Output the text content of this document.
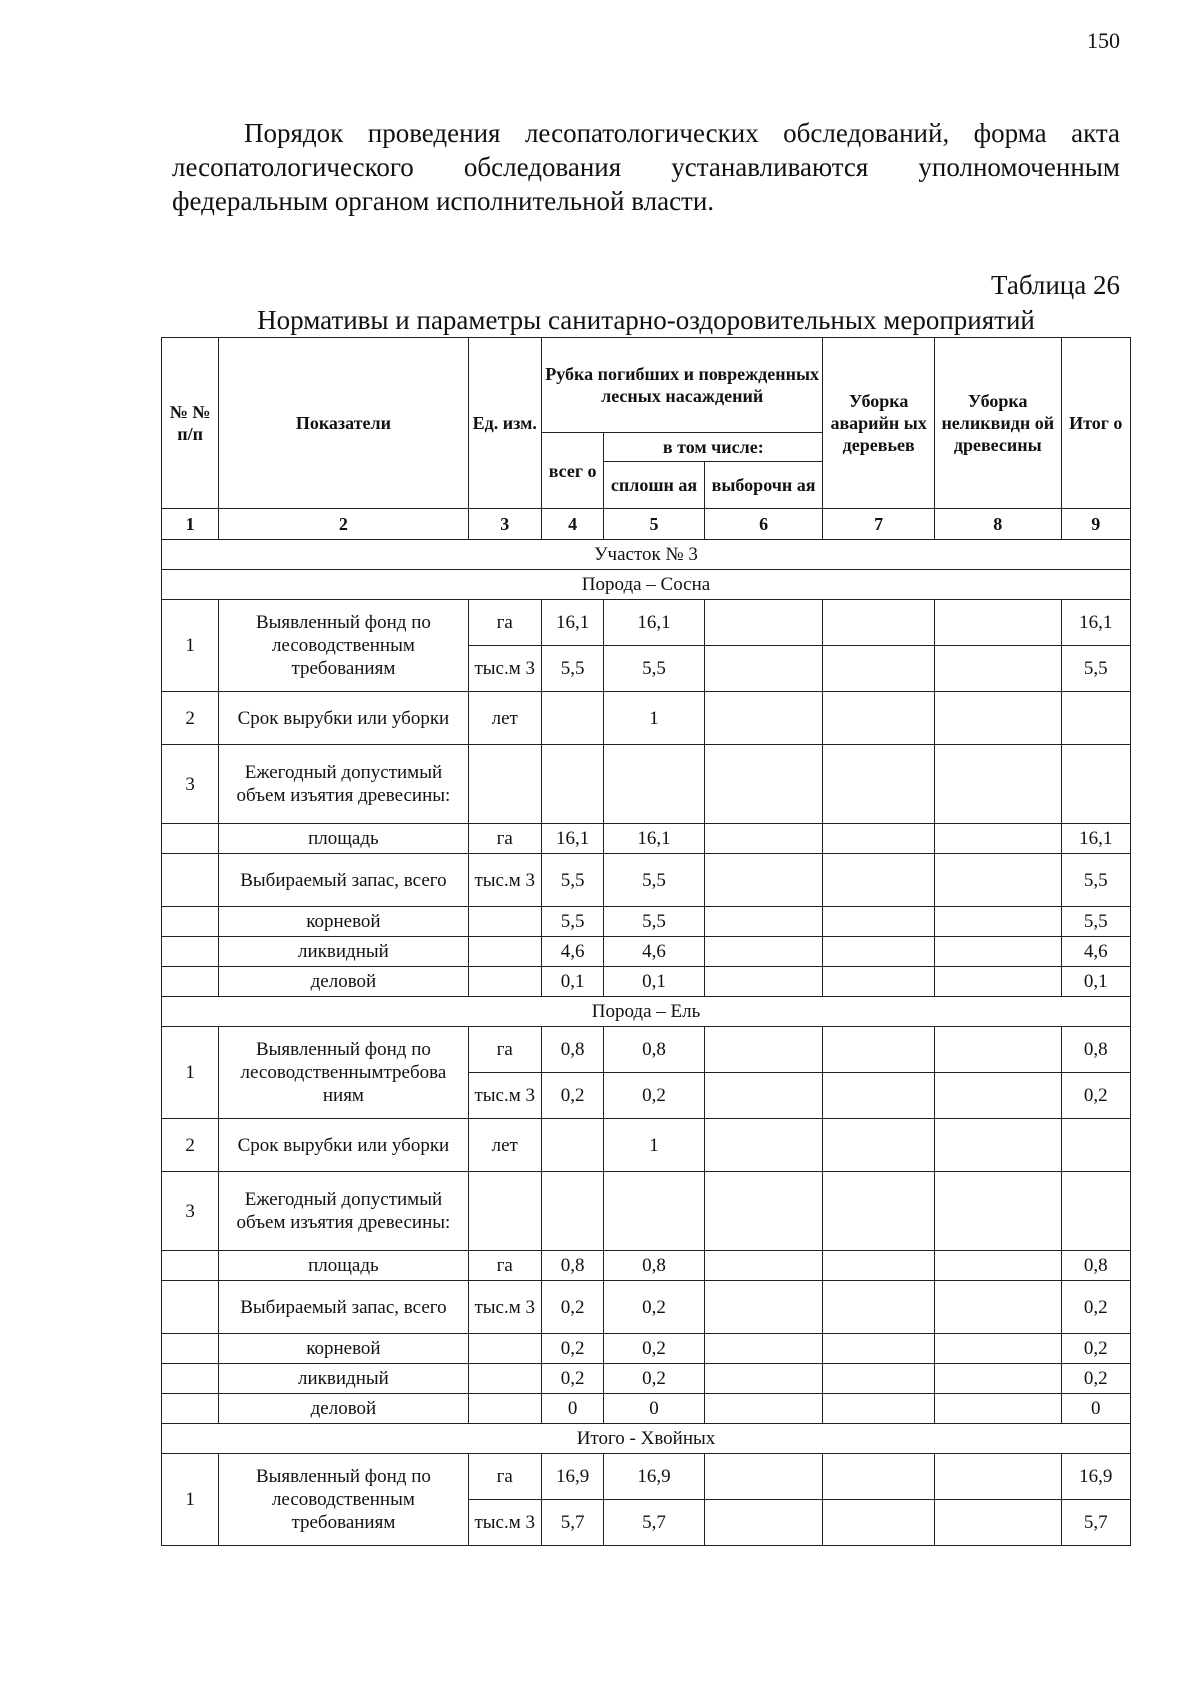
150

Порядок проведения лесопатологических обследований, форма акта лесопатологического обследования устанавливаются уполномоченным федеральным органом исполнительной власти.

Таблица 26
Нормативы и параметры санитарно-оздоровительных мероприятий
№ № п/п	Показатели	Ед. изм.	Рубка погибших и поврежденных лесных насаждений			Уборка аварийн ых деревьев	Уборка неликвидн ой древесины	Итог о
			всег о	в том числе:				
				сплошн ая	выборочн ая			

1	2	3	4	5	6	7	8	9
Участок № 3								
Порода – Сосна								
1	Выявленный фонд по лесоводственным требованиям	га	16,1	16,1				16,1
		тыс.м 3	5,5	5,5				5,5
2	Срок вырубки или уборки	лет		1				
3	Ежегодный допустимый объем изъятия древесины:							
	площадь	га	16,1	16,1				16,1
	Выбираемый запас, всего	тыс.м 3	5,5	5,5				5,5
	корневой		5,5	5,5				5,5
	ликвидный		4,6	4,6				4,6
	деловой		0,1	0,1				0,1
Порода – Ель								
1	Выявленный фонд по лесоводственнымтребова ниям	га	0,8	0,8				0,8
		тыс.м 3	0,2	0,2				0,2
2	Срок вырубки или уборки	лет		1				
3	Ежегодный допустимый объем изъятия древесины:							
	площадь	га	0,8	0,8				0,8
	Выбираемый запас, всего	тыс.м 3	0,2	0,2				0,2
	корневой		0,2	0,2				0,2
	ликвидный		0,2	0,2				0,2
	деловой		0	0				0
Итого - Хвойных								
1	Выявленный фонд по лесоводственным требованиям	га	16,9	16,9				16,9
		тыс.м 3	5,7	5,7				5,7
